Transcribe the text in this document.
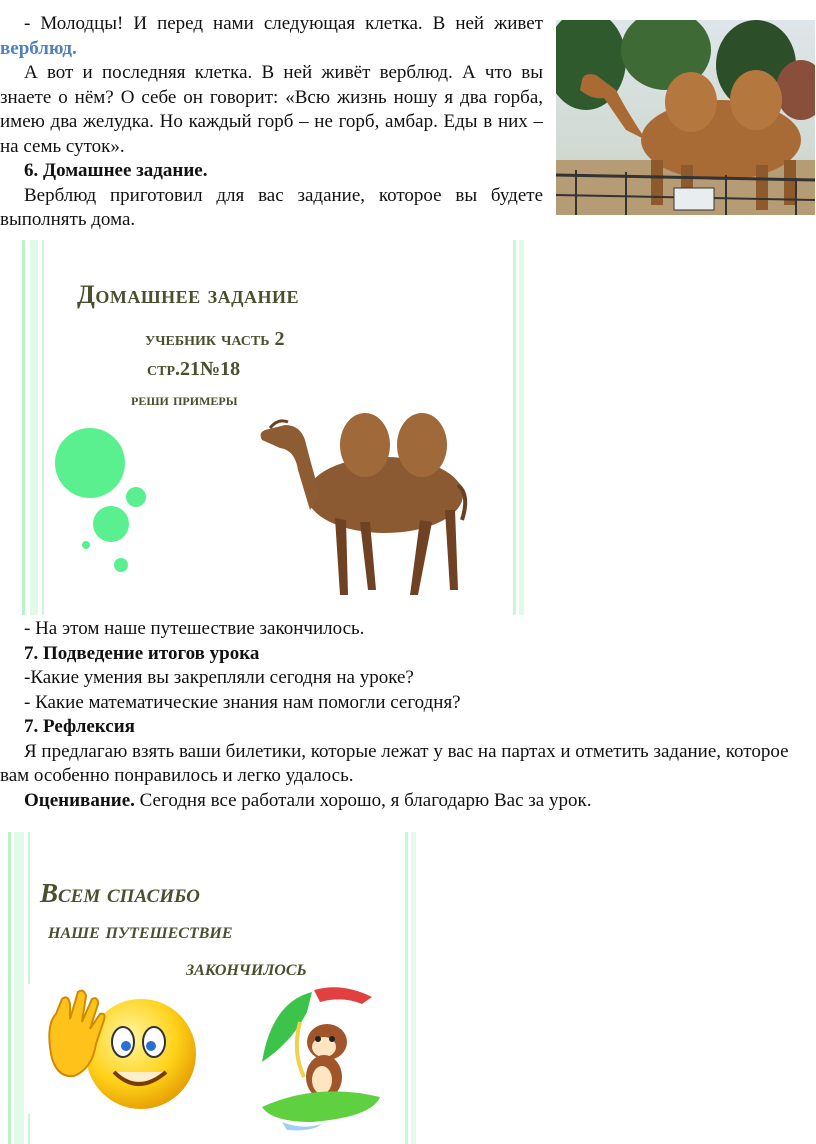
- Молодцы! И перед нами следующая клетка. В ней живет верблюд.

А вот и последняя клетка. В ней живёт верблюд. А что вы знаете о нём? О себе он говорит: «Всю жизнь ношу я два горба, имею два желудка. Но каждый горб – не горб, амбар. Еды в них – на семь суток».

6. Домашнее задание.

Верблюд приготовил для вас задание, которое вы будете выполнять дома.

Домашнее задание
учебник часть 2
стр.21№18
реши примеры

- На этом наше путешествие закончилось.

7. Подведение итогов урока

-Какие умения вы закрепляли сегодня на уроке?

- Какие математические знания нам помогли сегодня?

7. Рефлексия

Я предлагаю взять ваши билетики, которые лежат у вас на партах и отметить задание, которое вам особенно понравилось и легко удалось.

Оценивание. Сегодня все работали хорошо, я благодарю Вас за урок.

Всем спасибо
наше путешествие
закончилось
